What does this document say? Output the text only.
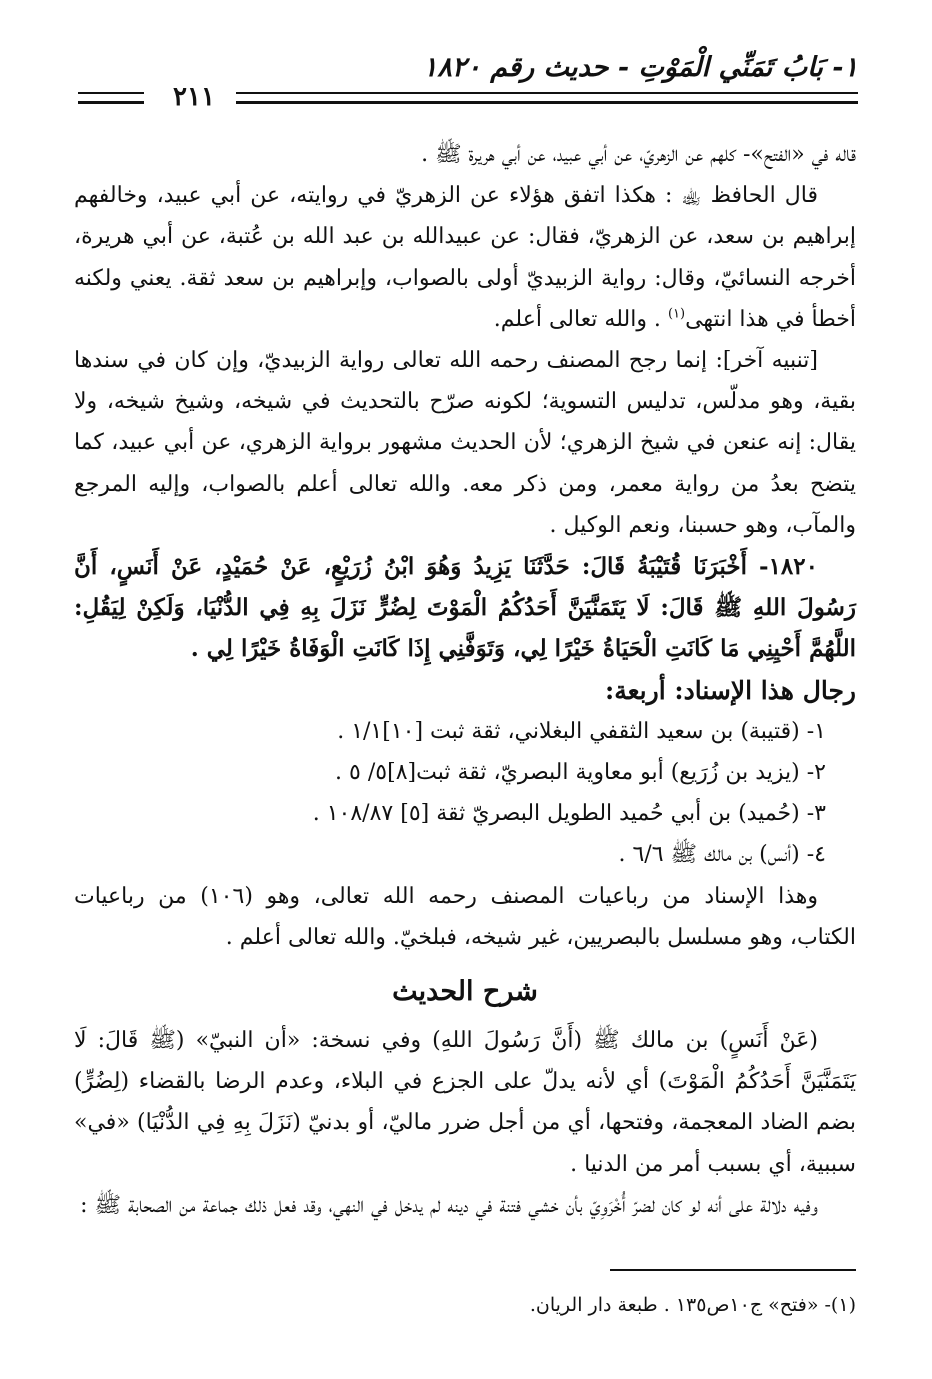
١- بَابُ تَمَنِّي الْمَوْتِ - حديث رقم ١٨٢٠
٢١١

قاله في «الفتح»- كلهم عن الزهريّ، عن أبي عبيد، عن أبي هريرة ﷺ .

قال الحافظ ﵀ : هكذا اتفق هؤلاء عن الزهريّ في روايته، عن أبي عبيد، وخالفهم إبراهيم بن سعد، عن الزهريّ، فقال: عن عبيدالله بن عبد الله بن عُتبة، عن أبي هريرة، أخرجه النسائيّ، وقال: رواية الزبيديّ أولى بالصواب، وإبراهيم بن سعد ثقة. يعني ولكنه أخطأ في هذا انتهى$^{(١)}$ . والله تعالى أعلم.

[تنبيه آخر]: إنما رجح المصنف رحمه الله تعالى رواية الزبيديّ، وإن كان في سندها بقية، وهو مدلّس، تدليس التسوية؛ لكونه صرّح بالتحديث في شيخه، وشيخ شيخه، ولا يقال: إنه عنعن في شيخ الزهري؛ لأن الحديث مشهور برواية الزهري، عن أبي عبيد، كما يتضح بعدُ من رواية معمر، ومن ذكر معه. والله تعالى أعلم بالصواب، وإليه المرجع والمآب، وهو حسبنا، ونعم الوكيل .

١٨٢٠- أَخْبَرَنَا قُتَيْبَةُ قَالَ: حَدَّثَنَا يَزِيدُ وَهُوَ ابْنُ زُرَيْعٍ، عَنْ حُمَيْدٍ، عَنْ أَنَسٍ، أَنَّ رَسُولَ اللهِ ﷺ قَالَ: لَا يَتَمَنَّيَنَّ أَحَدُكُمُ الْمَوْتَ لِضُرٍّ نَزَلَ بِهِ فِي الدُّنْيَا، وَلَكِنْ لِيَقُلِ: اللَّهُمَّ أَحْيِنِي مَا كَانَتِ الْحَيَاةُ خَيْرًا لِي، وَتَوَفَّنِي إِذَا كَانَتِ الْوَفَاةُ خَيْرًا لِي .

رجال هذا الإسناد: أربعة:

١- (قتيبة) بن سعيد الثقفي البغلاني، ثقة ثبت [١٠]١/١ .

٢- (يزيد بن زُرَيع) أبو معاوية البصريّ، ثقة ثبت[٨]٥/ ٥ .

٣- (حُميد) بن أبي حُميد الطويل البصريّ ثقة [٥] ١٠٨/٨٧ .

٤- (أنس) بن مالك ﷺ ٦/٦ .

وهذا الإسناد من رباعيات المصنف رحمه الله تعالى، وهو (١٠٦) من رباعيات الكتاب، وهو مسلسل بالبصريين، غير شيخه، فبلخيّ. والله تعالى أعلم .

شرح الحديث

(عَنْ أَنَسٍ) بن مالك ﷺ (أَنَّ رَسُولَ اللهِ) وفي نسخة: «أن النبيّ» (ﷺ قَالَ: لَا يَتَمَنَّيَنَّ أَحَدُكُمُ الْمَوْتَ) أي لأنه يدلّ على الجزع في البلاء، وعدم الرضا بالقضاء (لِضُرٍّ) بضم الضاد المعجمة، وفتحها، أي من أجل ضرر ماليّ، أو بدنيّ (نَزَلَ بِهِ فِي الدُّنْيَا) «في» سببية، أي بسبب أمر من الدنيا .

وفيه دلالة على أنه لو كان لضرّ أُخْرَوِيّ بأن خشي فتنة في دينه لم يدخل في النهي، وقد فعل ذلك جماعة من الصحابة ﷺ :

(١)- «فتح» ج١٠ص١٣٥ . طبعة دار الريان.
